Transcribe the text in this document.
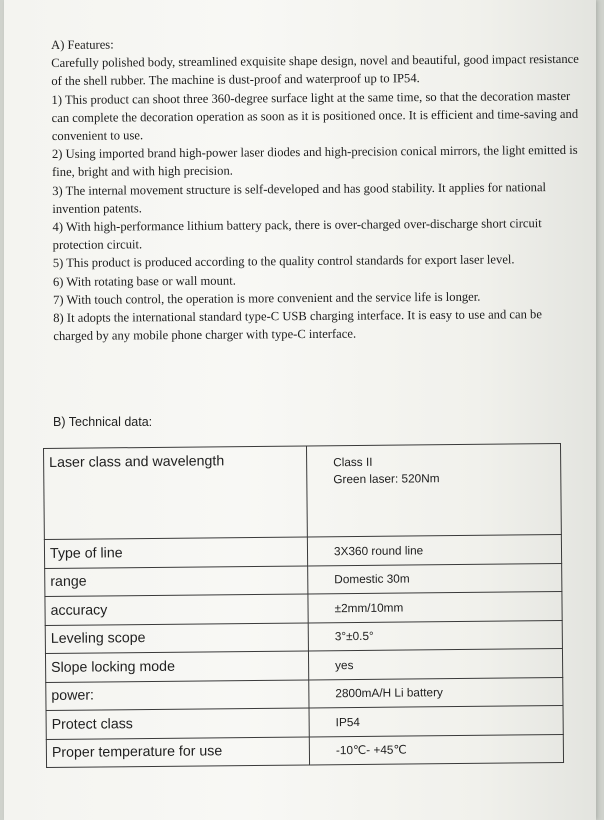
A) Features:

Carefully polished body, streamlined exquisite shape design, novel and beautiful, good impact resistance of the shell rubber. The machine is dust-proof and waterproof up to IP54.

1) This product can shoot three 360-degree surface light at the same time, so that the decoration master can complete the decoration operation as soon as it is positioned once. It is efficient and time-saving and convenient to use.

2) Using imported brand high-power laser diodes and high-precision conical mirrors, the light emitted is fine, bright and with high precision.

3) The internal movement structure is self-developed and has good stability. It applies for national invention patents.

4) With high-performance lithium battery pack, there is over-charged over-discharge short circuit protection circuit.

5) This product is produced according to the quality control standards for export laser level.

6) With rotating base or wall mount.

7) With touch control, the operation is more convenient and the service life is longer.

8) It adopts the international standard type-C USB charging interface. It is easy to use and can be charged by any mobile phone charger with type-C interface.

B) Technical data:
Laser class and wavelength	Class II
Green laser: 520Nm

Type of line	3X360 round line
range	Domestic 30m
accuracy	±2mm/10mm
Leveling scope	3°±0.5°
Slope locking mode	yes
power:	2800mA/H Li battery
Protect class	IP54
Proper temperature for use	-10℃- +45℃
